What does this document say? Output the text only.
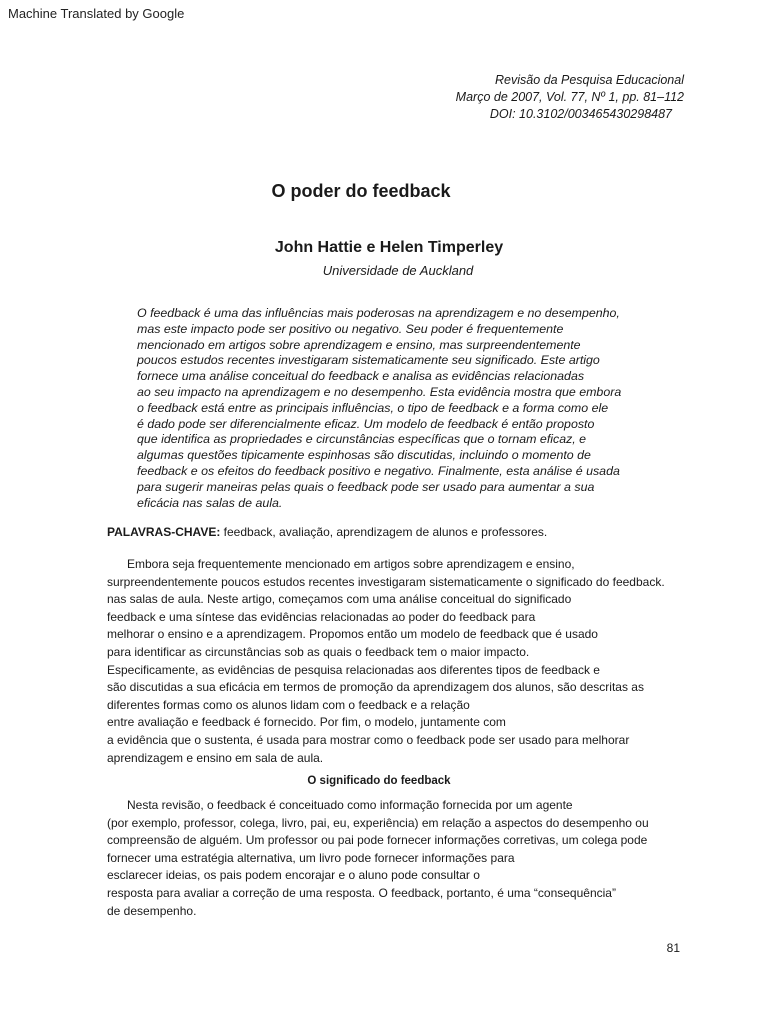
Machine Translated by Google
Revisão da Pesquisa Educacional
Março de 2007, Vol. 77, Nº 1, pp. 81–112
DOI: 10.3102/003465430298487
O poder do feedback
John Hattie e Helen Timperley
Universidade de Auckland
O feedback é uma das influências mais poderosas na aprendizagem e no desempenho,
mas este impacto pode ser positivo ou negativo. Seu poder é frequentemente
mencionado em artigos sobre aprendizagem e ensino, mas surpreendentemente
poucos estudos recentes investigaram sistematicamente seu significado. Este artigo
fornece uma análise conceitual do feedback e analisa as evidências relacionadas
ao seu impacto na aprendizagem e no desempenho. Esta evidência mostra que embora
o feedback está entre as principais influências, o tipo de feedback e a forma como ele
é dado pode ser diferencialmente eficaz. Um modelo de feedback é então proposto
que identifica as propriedades e circunstâncias específicas que o tornam eficaz, e
algumas questões tipicamente espinhosas são discutidas, incluindo o momento de
feedback e os efeitos do feedback positivo e negativo. Finalmente, esta análise é usada
para sugerir maneiras pelas quais o feedback pode ser usado para aumentar a sua
eficácia nas salas de aula.
PALAVRAS-CHAVE: feedback, avaliação, aprendizagem de alunos e professores.
Embora seja frequentemente mencionado em artigos sobre aprendizagem e ensino,
surpreendentemente poucos estudos recentes investigaram sistematicamente o significado do feedback.
nas salas de aula. Neste artigo, começamos com uma análise conceitual do significado
feedback e uma síntese das evidências relacionadas ao poder do feedback para
melhorar o ensino e a aprendizagem. Propomos então um modelo de feedback que é usado
para identificar as circunstâncias sob as quais o feedback tem o maior impacto.
Especificamente, as evidências de pesquisa relacionadas aos diferentes tipos de feedback e
são discutidas a sua eficácia em termos de promoção da aprendizagem dos alunos, são descritas as
diferentes formas como os alunos lidam com o feedback e a relação
entre avaliação e feedback é fornecido. Por fim, o modelo, juntamente com
a evidência que o sustenta, é usada para mostrar como o feedback pode ser usado para melhorar
aprendizagem e ensino em sala de aula.
O significado do feedback
Nesta revisão, o feedback é conceituado como informação fornecida por um agente
(por exemplo, professor, colega, livro, pai, eu, experiência) em relação a aspectos do desempenho ou
compreensão de alguém. Um professor ou pai pode fornecer informações corretivas, um colega pode
fornecer uma estratégia alternativa, um livro pode fornecer informações para
esclarecer ideias, os pais podem encorajar e o aluno pode consultar o
resposta para avaliar a correção de uma resposta. O feedback, portanto, é uma “consequência”
de desempenho.
81
